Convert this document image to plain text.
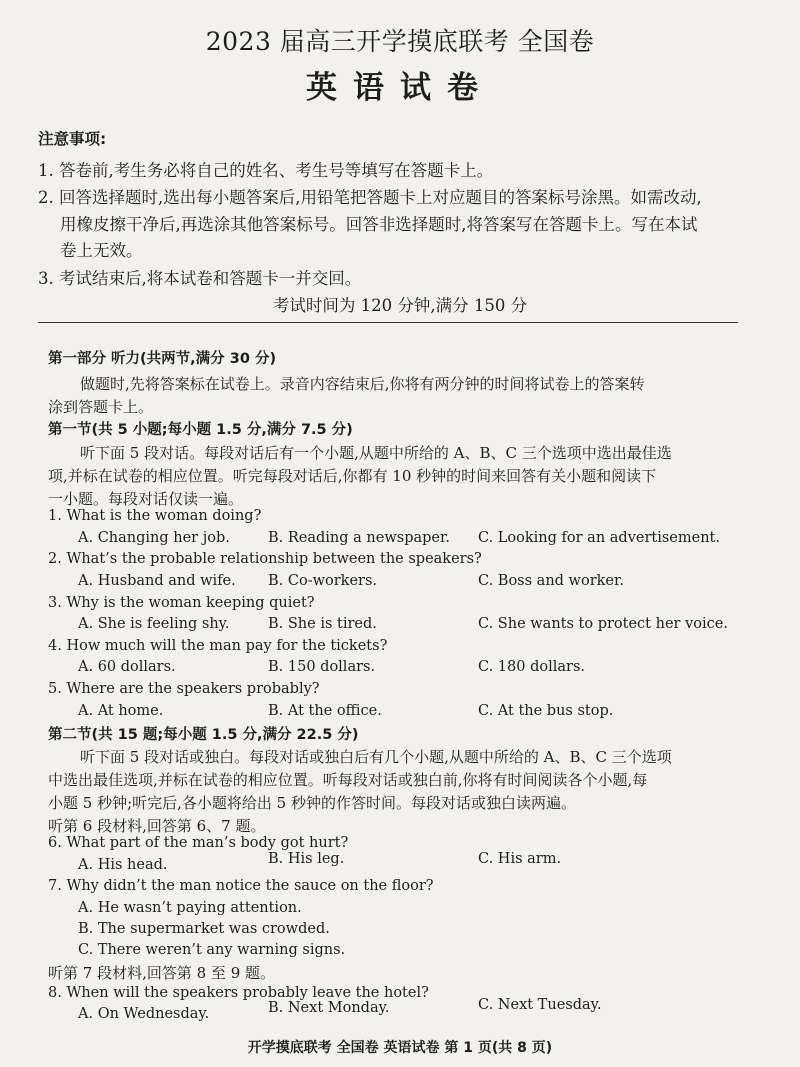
2023 届高三开学摸底联考 全国卷
英语试卷
注意事项:
1. 答卷前,考生务必将自己的姓名、考生号等填写在答题卡上。
2. 回答选择题时,选出每小题答案后,用铅笔把答题卡上对应题目的答案标号涂黑。如需改动,
用橡皮擦干净后,再选涂其他答案标号。回答非选择题时,将答案写在答题卡上。写在本试
卷上无效。
3. 考试结束后,将本试卷和答题卡一并交回。
考试时间为 120 分钟,满分 150 分
第一部分 听力(共两节,满分 30 分)
做题时,先将答案标在试卷上。录音内容结束后,你将有两分钟的时间将试卷上的答案转
涂到答题卡上。
第一节(共 5 小题;每小题 1.5 分,满分 7.5 分)
听下面 5 段对话。每段对话后有一个小题,从题中所给的 A、B、C 三个选项中选出最佳选
项,并标在试卷的相应位置。听完每段对话后,你都有 10 秒钟的时间来回答有关小题和阅读下
一小题。每段对话仅读一遍。
1. What is the woman doing?
A. Changing her job.	B. Reading a newspaper. C. Looking for an advertisement.
2. What’s the probable relationship between the speakers?
A. Husband and wife. B. Co-workers.	C. Boss and worker.
3. Why is the woman keeping quiet?
A. She is feeling shy.	B. She is tired.	C. She wants to protect her voice.
4. How much will the man pay for the tickets?
A. 60 dollars.	B. 150 dollars.	C. 180 dollars.
5. Where are the speakers probably?
A. At home.	B. At the office.	C. At the bus stop.
第二节(共 15 题;每小题 1.5 分,满分 22.5 分)
听下面 5 段对话或独白。每段对话或独白后有几个小题,从题中所给的 A、B、C 三个选项
中选出最佳选项,并标在试卷的相应位置。听每段对话或独白前,你将有时间阅读各个小题,每
小题 5 秒钟;听完后,各小题将给出 5 秒钟的作答时间。每段对话或独白读两遍。
听第 6 段材料,回答第 6、7 题。
6. What part of the man’s body got hurt?
A. His head.	B. His leg.	C. His arm.
7. Why didn’t the man notice the sauce on the floor?
A. He wasn’t paying attention.
B. The supermarket was crowded.
C. There weren’t any warning signs.
听第 7 段材料,回答第 8 至 9 题。
8. When will the speakers probably leave the hotel?
A. On Wednesday.	B. Next Monday.	C. Next Tuesday.
开学摸底联考 全国卷 英语试卷 第 1 页(共 8 页)
